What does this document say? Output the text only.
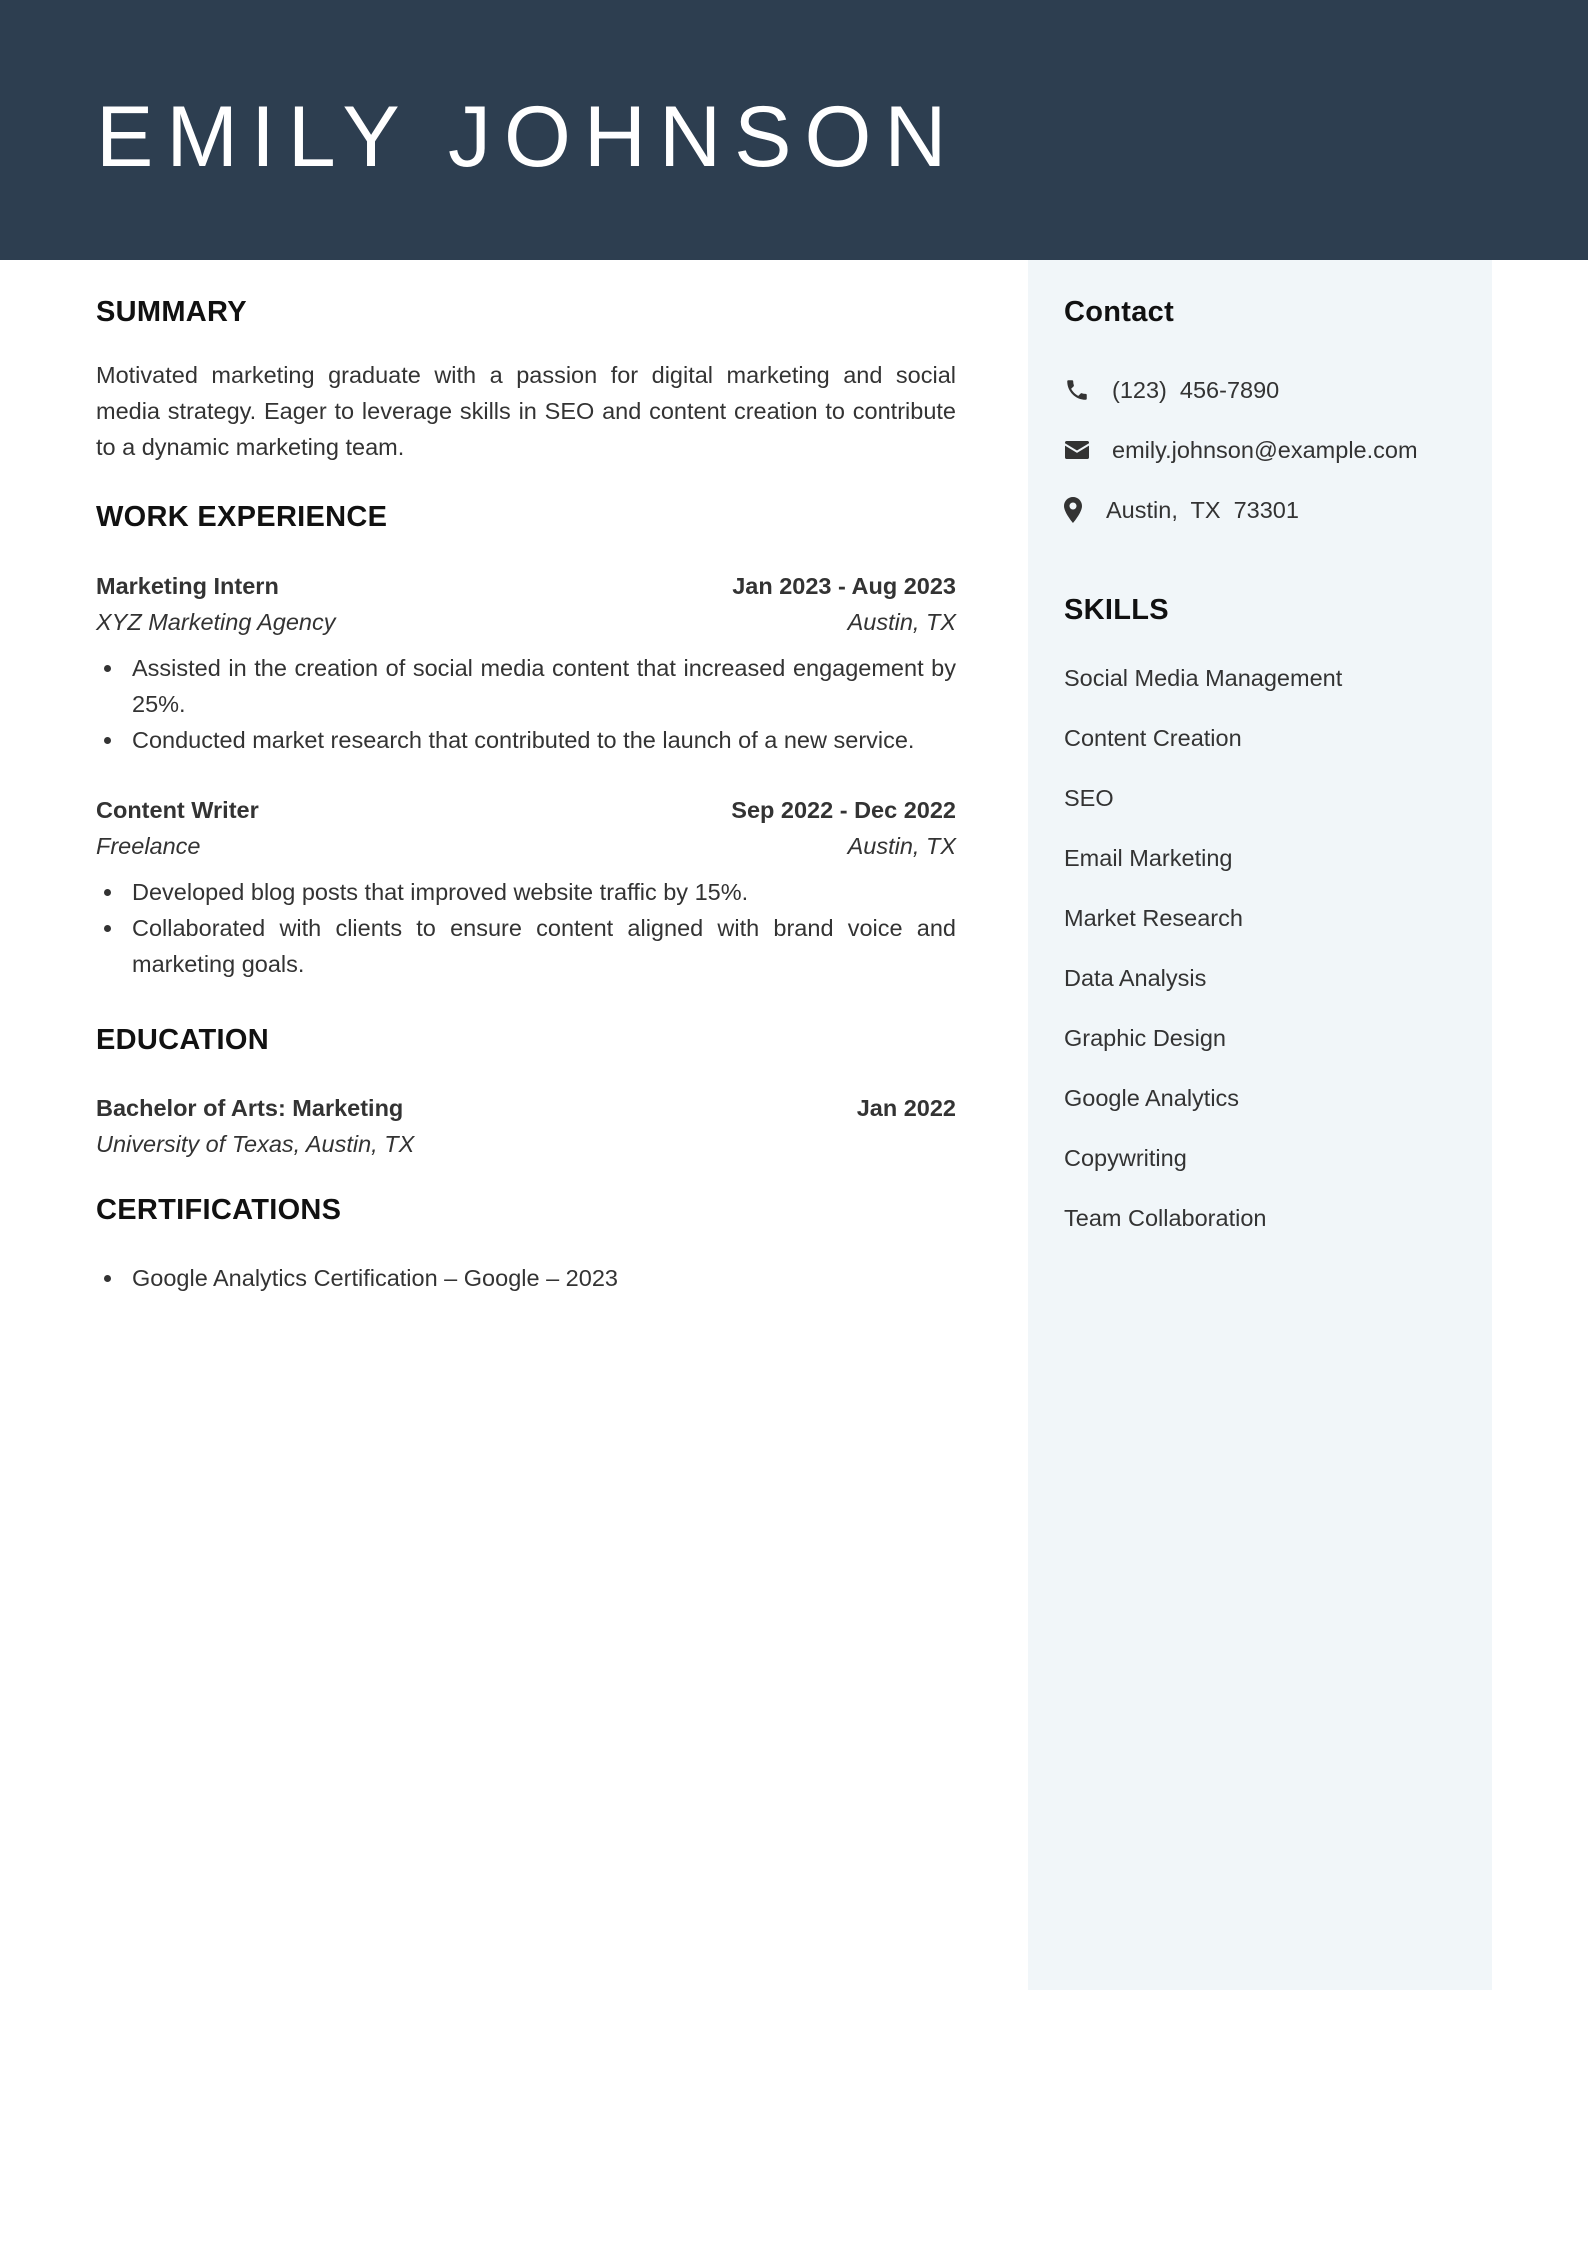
EMILY JOHNSON
Contact
(123)  456-7890
emily.johnson@example.com
Austin,  TX  73301
SKILLS
Social Media Management
Content Creation
SEO
Email Marketing
Market Research
Data Analysis
Graphic Design
Google Analytics
Copywriting
Team Collaboration
SUMMARY

Motivated marketing graduate with a passion for digital marketing and social media strategy. Eager to leverage skills in SEO and content creation to contribute to a dynamic marketing team.

WORK EXPERIENCE
Marketing Intern	Jan 2023 - Aug 2023
XYZ Marketing Agency	Austin, TX
Assisted in the creation of social media content that increased engagement by 25%.
Conducted market research that contributed to the launch of a new service.
Content Writer	Sep 2022 - Dec 2022
Freelance	Austin, TX
Developed blog posts that improved website traffic by 15%.
Collaborated with clients to ensure content aligned with brand voice and marketing goals.
EDUCATION
Bachelor of Arts: Marketing	Jan 2022
University of Texas, Austin, TX
CERTIFICATIONS
Google Analytics Certification – Google – 2023
